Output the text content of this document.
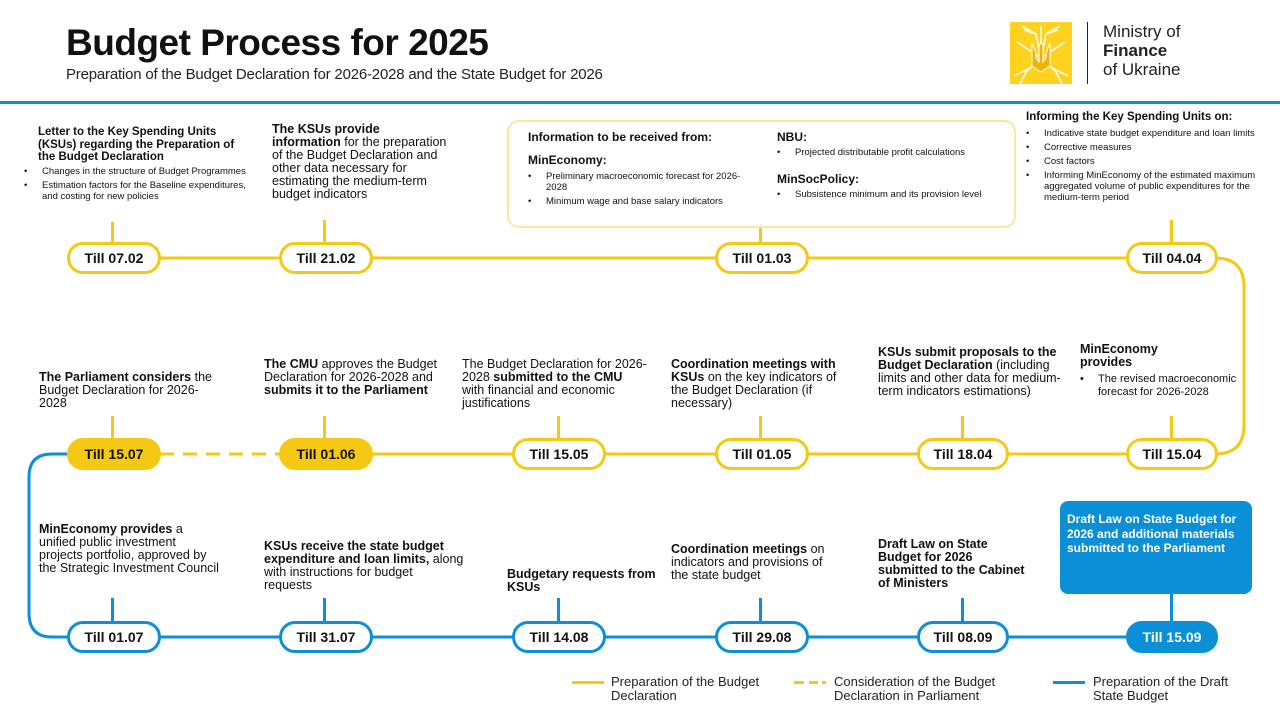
Budget Process for 2025
Preparation of the Budget Declaration for 2026-2028 and the State Budget for 2026
Ministry of
Finance
of Ukraine
Letter to the Key Spending Units (KSUs) regarding the Preparation of the Budget Declaration
• Changes in the structure of Budget Programmes
• Estimation factors for the Baseline expenditures, and costing for new policies
The KSUs provide information for the preparation of the Budget Declaration and other data necessary for estimating the medium-term budget indicators
Information to be received from:
MinEconomy:
• Preliminary macroeconomic forecast for 2026-2028
• Minimum wage and base salary indicators
NBU:
• Projected distributable profit calculations
MinSocPolicy:
• Subsistence minimum and its provision level
Informing the Key Spending Units on:
• Indicative state budget expenditure and loan limits
• Corrective measures
• Cost factors
• Informing MinEconomy of the estimated maximum aggregated volume of public expenditures for the medium-term period
Till 07.02	Till 21.02	Till 01.03	Till 04.04
The Parliament considers the Budget Declaration for 2026-2028
The CMU approves the Budget Declaration for 2026-2028 and submits it to the Parliament
The Budget Declaration for 2026-2028 submitted to the CMU with financial and economic justifications
Coordination meetings with KSUs on the key indicators of the Budget Declaration (if necessary)
KSUs submit proposals to the Budget Declaration (including limits and other data for medium-term indicators estimations)
MinEconomy provides
• The revised macroeconomic forecast for 2026-2028
Till 15.07	Till 01.06	Till 15.05	Till 01.05	Till 18.04	Till 15.04
MinEconomy provides a unified public investment projects portfolio, approved by the Strategic Investment Council
KSUs receive the state budget expenditure and loan limits, along with instructions for budget requests
Budgetary requests from KSUs
Coordination meetings on indicators and provisions of the state budget
Draft Law on State Budget for 2026 submitted to the Cabinet of Ministers
Draft Law on State Budget for 2026 and additional materials submitted to the Parliament
Till 01.07	Till 31.07	Till 14.08	Till 29.08	Till 08.09	Till 15.09
Preparation of the Budget Declaration
Consideration of the Budget Declaration in Parliament
Preparation of the Draft State Budget
